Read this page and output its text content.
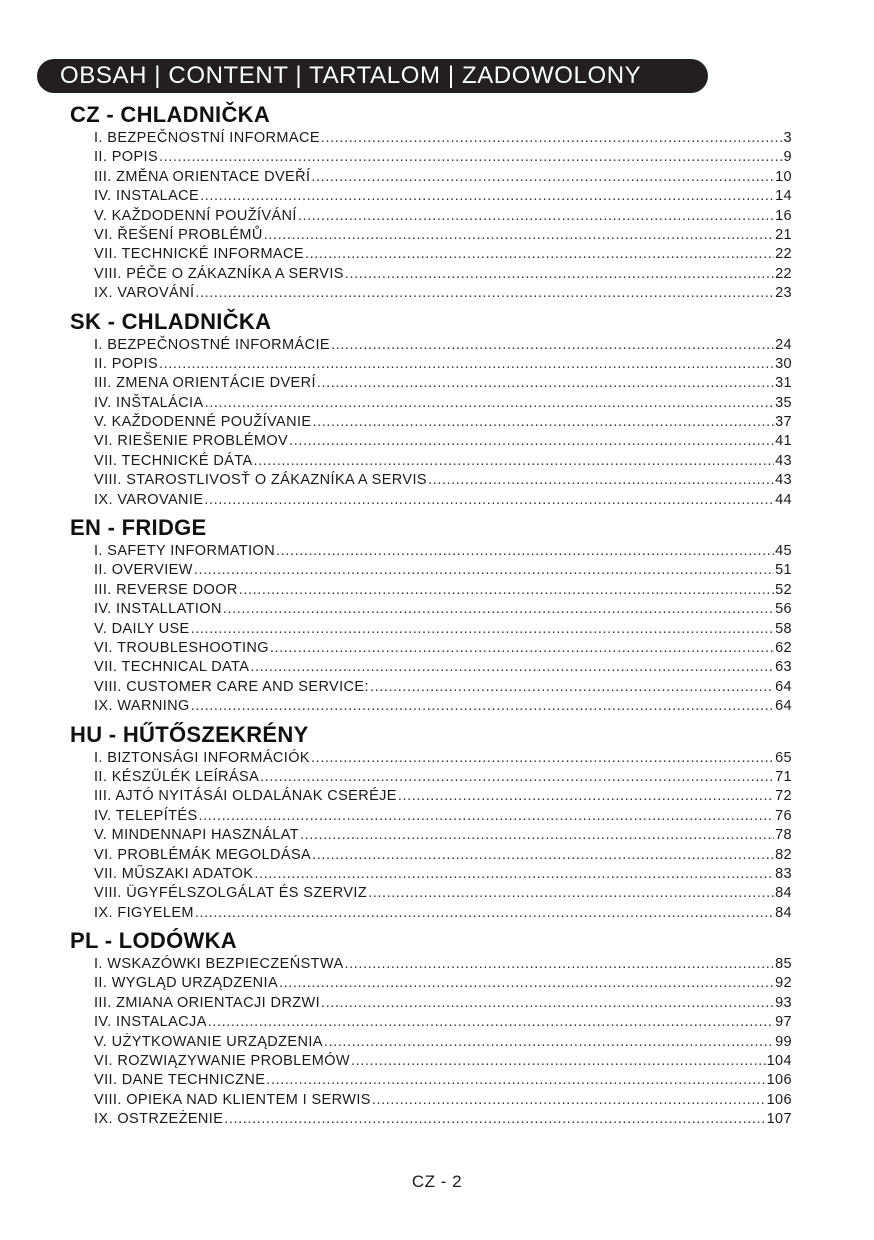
OBSAH | CONTENT | TARTALOM | ZADOWOLONY
CZ - CHLADNIČKA
I. BEZPEČNOSTNÍ INFORMACE .....	3
II. POPIS .....	9
III. ZMĚNA ORIENTACE DVEŘÍ .....	10
IV. INSTALACE .....	14
V. KAŽDODENNÍ POUŽÍVÁNÍ .....	16
VI. ŘEŠENÍ PROBLÉMŮ .....	21
VII. TECHNICKÉ INFORMACE .....	22
VIII. PÉČE O ZÁKAZNÍKA A SERVIS .....	22
IX. VAROVÁNÍ .....	23
SK - CHLADNIČKA
I. BEZPEČNOSTNÉ INFORMÁCIE .....	24
II. POPIS .....	30
III. ZMENA ORIENTÁCIE DVERÍ .....	31
IV. INŠTALÁCIA .....	35
V. KAŽDODENNÉ POUŽÍVANIE .....	37
VI. RIEŠENIE PROBLÉMOV .....	41
VII. TECHNICKÉ DÁTA .....	43
VIII. STAROSTLIVOSŤ O ZÁKAZNÍKA A SERVIS .....	43
IX. VAROVANIE .....	44
EN - FRIDGE
I. SAFETY INFORMATION .....	45
II. OVERVIEW .....	51
III. REVERSE DOOR .....	52
IV. INSTALLATION .....	56
V. DAILY USE .....	58
VI. TROUBLESHOOTING .....	62
VII. TECHNICAL DATA .....	63
VIII. CUSTOMER CARE AND SERVICE: .....	64
IX. WARNING .....	64
HU - HŰTŐSZEKRÉNY
I. BIZTONSÁGI INFORMÁCIÓK .....	65
II. KÉSZÜLÉK LEÍRÁSA .....	71
III. AJTÓ NYITÁSÁI OLDALÁNAK CSERÉJE .....	72
IV. TELEPÍTÉS .....	76
V. MINDENNAPI HASZNÁLAT .....	78
VI. PROBLÉMÁK MEGOLDÁSA .....	82
VII. MŰSZAKI ADATOK .....	83
VIII. ÜGYFÉLSZOLGÁLAT ÉS SZERVIZ .....	84
IX. FIGYELEM .....	84
PL - LODÓWKA
I. WSKAZÓWKI BEZPIECZEŃSTWA .....	85
II. WYGLĄD URZĄDZENIA .....	92
III. ZMIANA ORIENTACJI DRZWI .....	93
IV. INSTALACJA .....	97
V. UŻYTKOWANIE URZĄDZENIA .....	99
VI. ROZWIĄZYWANIE PROBLEMÓW .....	104
VII. DANE TECHNICZNE .....	106
VIII. OPIEKA NAD KLIENTEM I SERWIS .....	106
IX. OSTRZEŻENIE .....	107
CZ - 2
